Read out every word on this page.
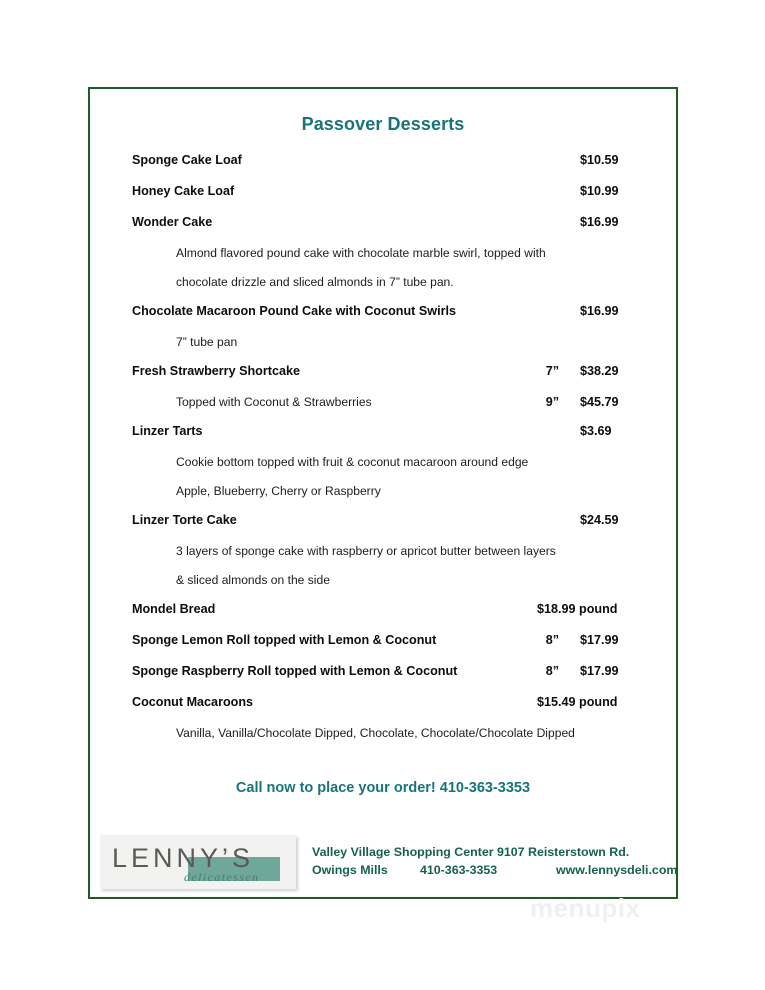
Passover Desserts
Sponge Cake Loaf	$10.59
Honey Cake Loaf	$10.99
Wonder Cake	$16.99
Almond flavored pound cake with chocolate marble swirl, topped with
chocolate drizzle and sliced almonds in 7” tube pan.
Chocolate Macaroon Pound Cake with Coconut Swirls	$16.99
7” tube pan
Fresh Strawberry Shortcake	7” $38.29
Topped with Coconut & Strawberries	9” $45.79
Linzer Tarts	$3.69
Cookie bottom topped with fruit & coconut macaroon around edge
Apple, Blueberry, Cherry or Raspberry
Linzer Torte Cake	$24.59
3 layers of sponge cake with raspberry or apricot butter between layers
& sliced almonds on the side
Mondel Bread	$18.99 pound
Sponge Lemon Roll topped with Lemon & Coconut	8” $17.99
Sponge Raspberry Roll topped with Lemon & Coconut	8” $17.99
Coconut Macaroons	$15.49 pound
Vanilla, Vanilla/Chocolate Dipped, Chocolate, Chocolate/Chocolate Dipped
Call now to place your order! 410-363-3353
LENNY’S
delicatessen
Valley Village Shopping Center 9107 Reisterstown Rd.
Owings Mills	410-363-3353	www.lennysdeli.com
menupix
